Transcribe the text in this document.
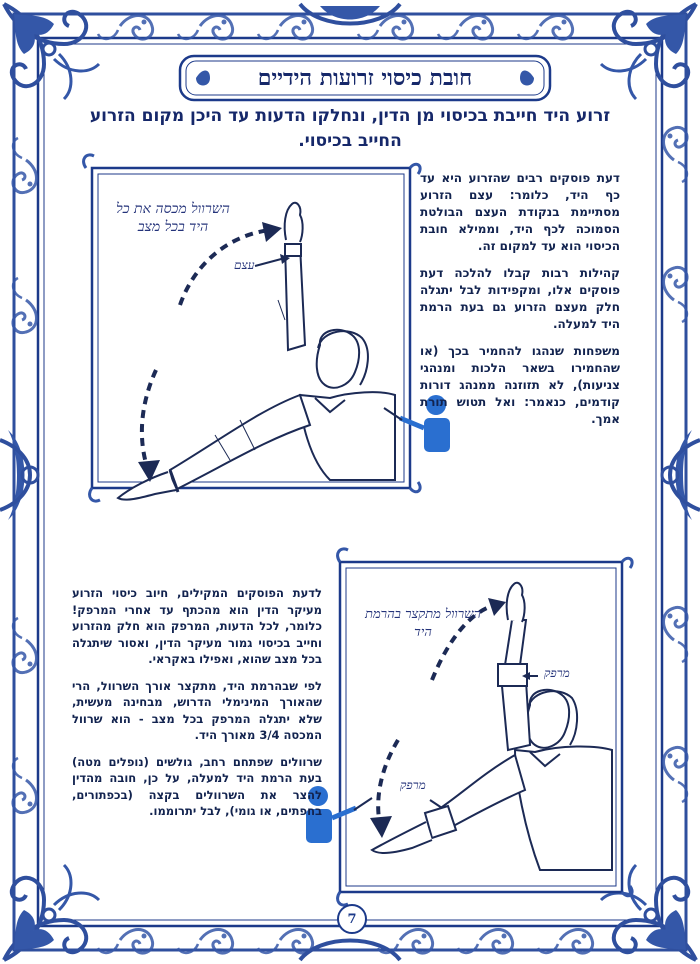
חובת כיסוי זרועות הידיים
זרוע היד חייבת בכיסוי מן הדין, ונחלקו הדעות עד היכן מקום הזרוע החייב בכיסוי.

דעת פוסקים רבים שהזרוע היא עד כף היד, כלומר: עצם הזרוע מסתיימת בנקודת העצם הבולטת הסמוכה לכף היד, וממילא חובת הכיסוי הוא עד למקום זה.

קהילות רבות קבלו להלכה דעת פוסקים אלו, ומקפידות לבל יתגלה חלק מעצם הזרוע גם בעת הרמת היד למעלה.

משפחות שנהגו להחמיר בכך (או שהחמירו בשאר הלכות ומנהגי צניעות), לא תזוזנה ממנהג דורות קודמים, כנאמר: ואל תטוש תורת אמך.

השרוול מכסה את כל היד בכל מצב
עצם

לדעת הפוסקים המקילים, חיוב כיסוי הזרוע מעיקר הדין הוא מהכתף עד אחרי המרפק! כלומר, לכל הדעות, המרפק הוא חלק מהזרוע וחייב בכיסוי גמור מעיקר הדין, ואסור שיתגלה בכל מצב שהוא, ואפילו באקראי.

לפי שבהרמת היד, מתקצר אורך השרוול, הרי שהאורך המינימלי הדרוש, מבחינה מעשית, שלא יתגלה המרפק בכל מצב - הוא שרוול המכסה 3/4 מאורך היד.

שרוולים שפתחם רחב, גולשים (נופלים מטה) בעת הרמת היד למעלה, על כן, חובה מהדין להצר את השרוולים בקצה (בכפתורים, בחפתים, או גומי), לבל יתרוממו.

השרוול מתקצר בהרמת היד
מרפק
מרפק
7
